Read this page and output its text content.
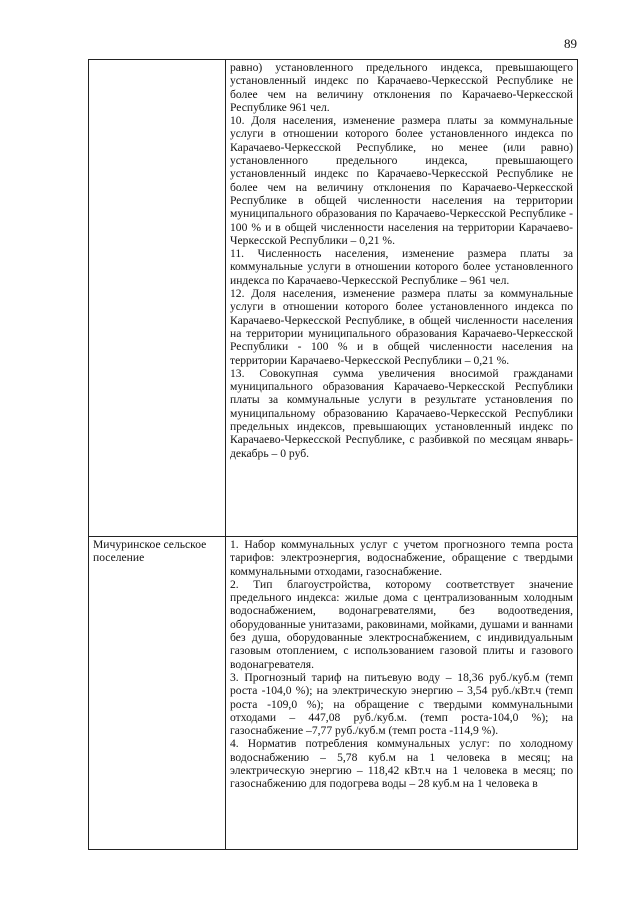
89

	равно) установленного предельного индекса, превышающего установленный индекс по Карачаево-Черкесской Республике не более чем на величину отклонения по Карачаево-Черкесской Республике 961 чел.

10. Доля населения, изменение размера платы за коммунальные услуги в отношении которого более установленного индекса по Карачаево-Черкесской Республике, но менее (или равно) установленного предельного индекса, превышающего установленный индекс по Карачаево-Черкесской Республике не более чем на величину отклонения по Карачаево-Черкесской Республике в общей численности населения на территории муниципального образования по Карачаево-Черкесской Республике - 100 % и в общей численности населения на территории Карачаево-Черкесской Республики – 0,21 %.

11. Численность населения, изменение размера платы за коммунальные услуги в отношении которого более установленного индекса по Карачаево-Черкесской Республике – 961 чел.

12. Доля населения, изменение размера платы за коммунальные услуги в отношении которого более установленного индекса по Карачаево-Черкесской Республике, в общей численности населения на территории муниципального образования Карачаево-Черкесской Республики - 100 % и в общей численности населения на территории Карачаево-Черкесской Республики – 0,21 %.

13. Совокупная сумма увеличения вносимой гражданами муниципального образования Карачаево-Черкесской Республики платы за коммунальные услуги в результате установления по муниципальному образованию Карачаево-Черкесской Республики предельных индексов, превышающих установленный индекс по Карачаево-Черкесской Республике, с разбивкой по месяцам январь-декабрь – 0 руб.

Мичуринское сельское поселение	1. Набор коммунальных услуг с учетом прогнозного темпа роста тарифов: электроэнергия, водоснабжение, обращение с твердыми коммунальными отходами, газоснабжение.

2. Тип благоустройства, которому соответствует значение предельного индекса: жилые дома с централизованным холодным водоснабжением, водонагревателями, без водоотведения, оборудованные унитазами, раковинами, мойками, душами и ваннами без душа, оборудованные электроснабжением, с индивидуальным газовым отоплением, с использованием газовой плиты и газового водонагревателя.

3. Прогнозный тариф на питьевую воду – 18,36 руб./куб.м (темп роста -104,0 %); на электрическую энергию – 3,54 руб./кВт.ч (темп роста -109,0 %); на обращение с твердыми коммунальными отходами – 447,08 руб./куб.м. (темп роста-104,0 %); на газоснабжение –7,77 руб./куб.м (темп роста -114,9 %).

4. Норматив потребления коммунальных услуг: по холодному водоснабжению – 5,78 куб.м на 1 человека в месяц; на электрическую энергию – 118,42 кВт.ч на 1 человека в месяц; по газоснабжению для подогрева воды – 28 куб.м на 1 человека в
